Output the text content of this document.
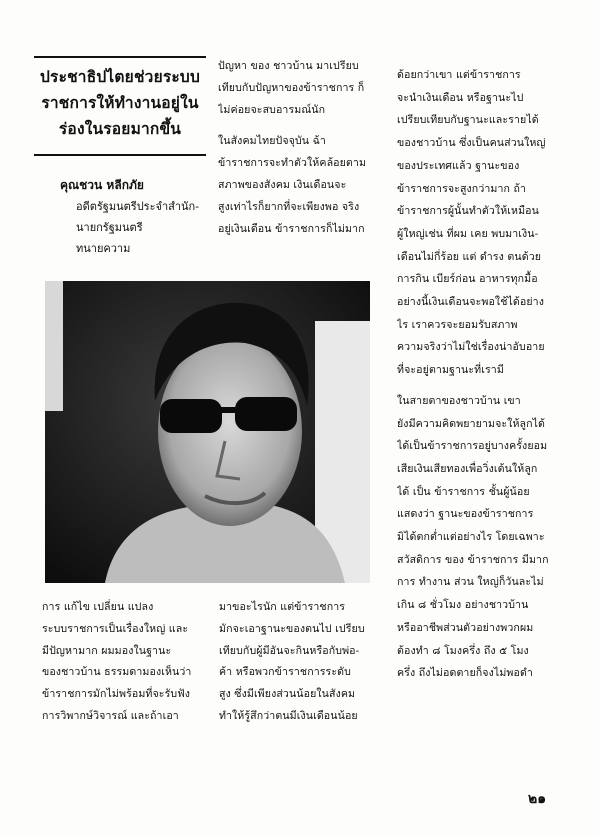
ประชาธิปไตยช่วยระบบ
ราชการให้ทำงานอยู่ใน
ร่องในรอยมากขึ้น
คุณชวน หลีกภัย
อดีตรัฐมนตรีประจำสำนัก-
นายกรัฐมนตรี
ทนายความ
ปัญหา ของ ชาวบ้าน มาเปรียบ
เทียบกับปัญหาของข้าราชการ ก็
ไม่ค่อยจะสบอารมณ์นัก
ในสังคมไทยปัจจุบัน ฉ้า
ข้าราชการจะทำตัวให้คล้อยตาม
สภาพของสังคม เงินเดือนจะ
สูงเท่าไรก็ยากที่จะเพียงพอ จริง
อยู่เงินเดือน ข้าราชการก็ไม่มาก
ด้อยกว่าเขา แต่ข้าราชการ
จะนำเงินเดือน หรือฐานะไป
เปรียบเทียบกับฐานะและรายได้
ของชาวบ้าน ซึ่งเป็นคนส่วนใหญ่
ของประเทศแล้ว ฐานะของ
ข้าราชการจะสูงกว่ามาก ถ้า
ข้าราชการผู้นั้นทำตัวให้เหมือน
ผู้ใหญ่เช่น ที่ผม เคย พบมาเงิน-
เดือนไม่กี่ร้อย แต่ ดำรง ตนด้วย
การกิน เบียร์ก่อน อาหารทุกมื้อ
อย่างนี้เงินเดือนจะพอใช้ได้อย่าง
ไร เราควรจะยอมรับสภาพ
ความจริงว่าไม่ใช่เรื่องน่าอับอาย
ที่จะอยู่ตามฐานะที่เรามี
ในสายตาของชาวบ้าน เขา
ยังมีความคิดพยายามจะให้ลูกได้
ได้เป็นข้าราชการอยู่บางครั้งยอม
เสียเงินเสียทองเพื่อวิ่งเต้นให้ลูก
ได้ เป็น ข้าราชการ ชั้นผู้น้อย
แสดงว่า ฐานะของข้าราชการ
มิได้ตกต่ำแต่อย่างไร โดยเฉพาะ
สวัสดิการ ของ ข้าราชการ มีมาก
การ ทำงาน ส่วน ใหญ่ก็วันละไม่
เกิน ๘ ชั่วโมง อย่างชาวบ้าน
หรืออาชีพส่วนตัวอย่างพวกผม
ต้องทำ ๘ โมงครึ่ง ถึง ๕ โมง
ครึ่ง ถึงไม่อดตายก็จงไม่พอดำ
การ แก้ไข เปลี่ยน แปลง
ระบบราชการเป็นเรื่องใหญ่ และ
มีปัญหามาก ผมมองในฐานะ
ของชาวบ้าน ธรรมดามองเห็นว่า
ข้าราชการมักไม่พร้อมที่จะรับฟัง
การวิพากษ์วิจารณ์ และถ้าเอา
มาขอะไรนัก แต่ข้าราชการ
มักจะเอาฐานะของตนไป เปรียบ
เทียบกับผู้มีอันจะกินหรือกับพ่อ-
ค้า หรือพวกข้าราชการระดับ
สูง ซึ่งมีเพียงส่วนน้อยในสังคม
ทำให้รู้สึกว่าตนมีเงินเดือนน้อย
๒๑
